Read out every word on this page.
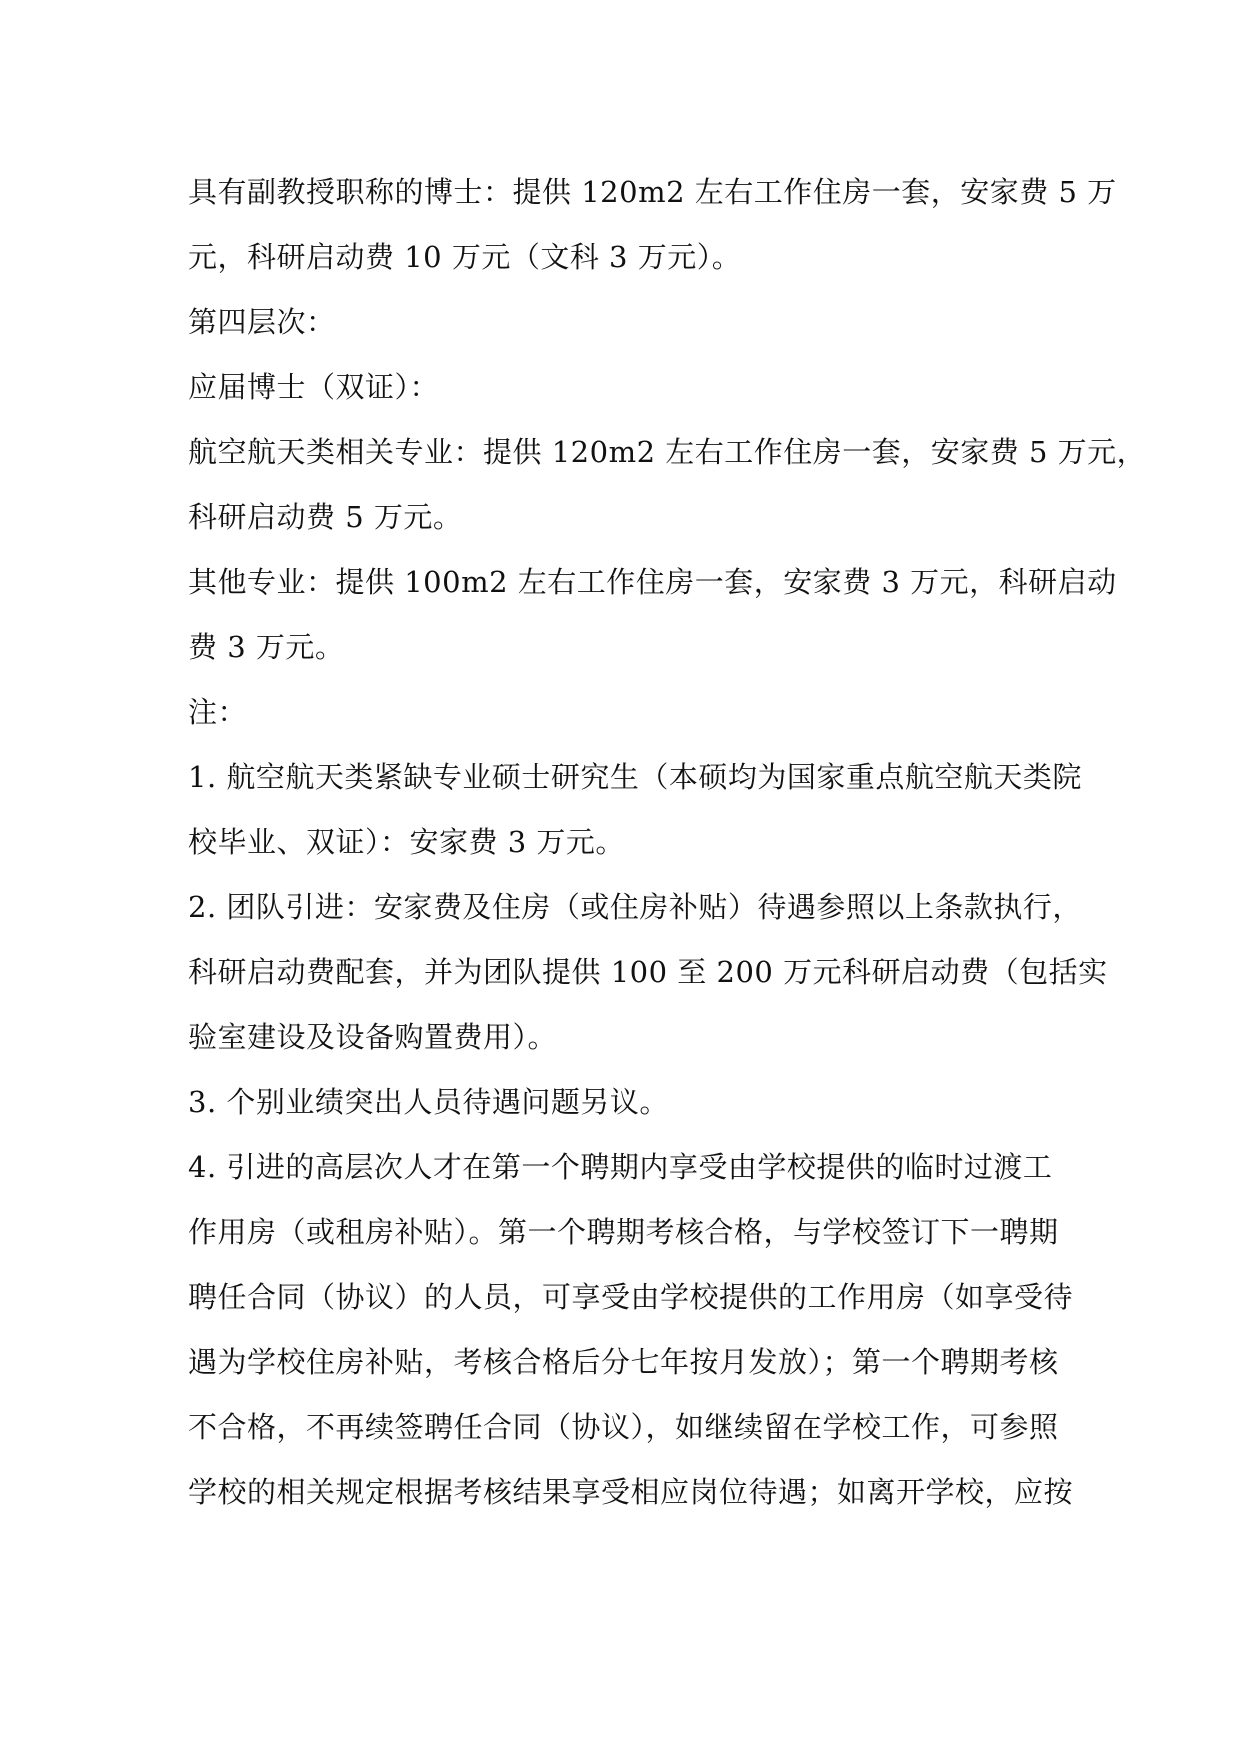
具有副教授职称的博士：提供 120m2 左右工作住房一套，安家费 5 万
元，科研启动费 10 万元（文科 3 万元）。
第四层次：
应届博士（双证）：
航空航天类相关专业：提供 120m2 左右工作住房一套，安家费 5 万元，
科研启动费 5 万元。
其他专业：提供 100m2 左右工作住房一套，安家费 3 万元，科研启动
费 3 万元。
注：
1. 航空航天类紧缺专业硕士研究生（本硕均为国家重点航空航天类院
校毕业、双证）：安家费 3 万元。
2. 团队引进：安家费及住房（或住房补贴）待遇参照以上条款执行，
科研启动费配套，并为团队提供 100 至 200 万元科研启动费（包括实
验室建设及设备购置费用）。
3. 个别业绩突出人员待遇问题另议。
4. 引进的高层次人才在第一个聘期内享受由学校提供的临时过渡工
作用房（或租房补贴）。第一个聘期考核合格，与学校签订下一聘期
聘任合同（协议）的人员，可享受由学校提供的工作用房（如享受待
遇为学校住房补贴，考核合格后分七年按月发放）；第一个聘期考核
不合格，不再续签聘任合同（协议），如继续留在学校工作，可参照
学校的相关规定根据考核结果享受相应岗位待遇；如离开学校，应按
